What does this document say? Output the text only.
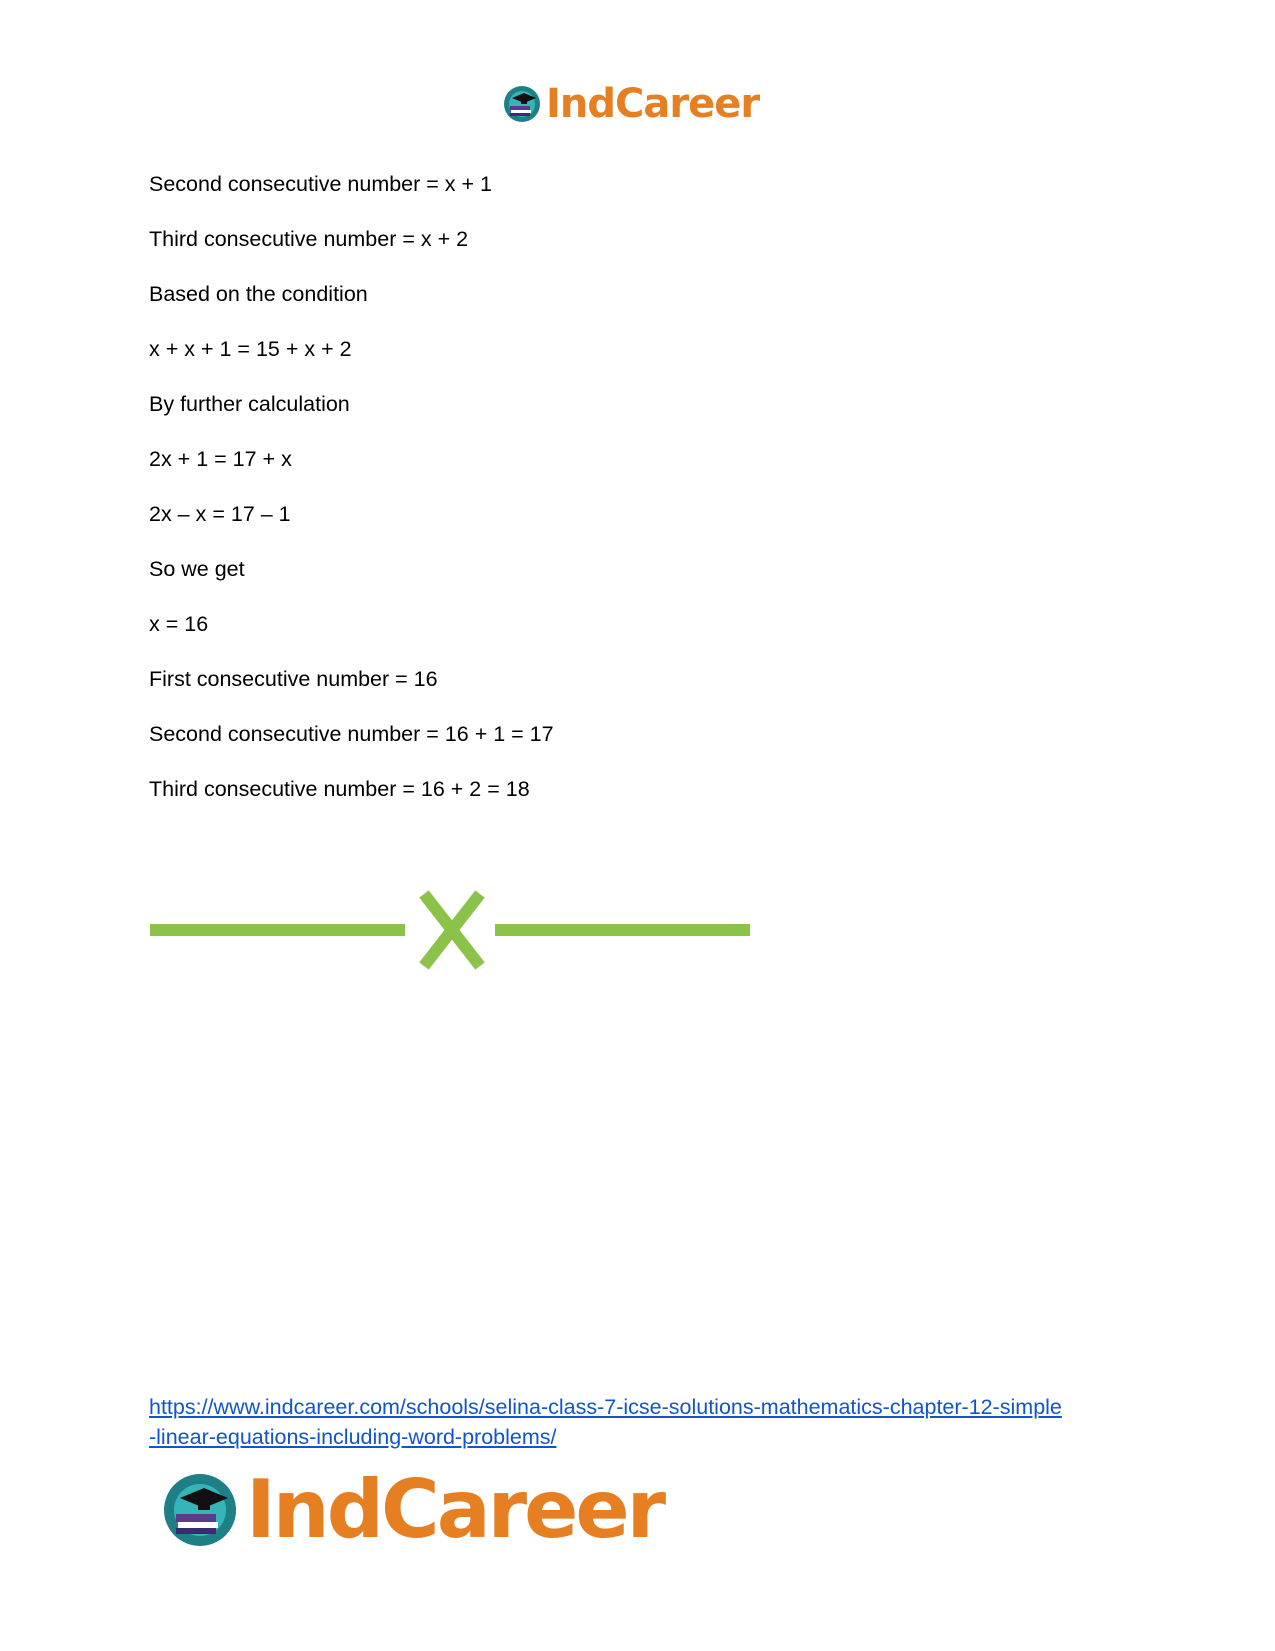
IndCareer
Second consecutive number = x + 1
Third consecutive number = x + 2
Based on the condition
x + x + 1 = 15 + x + 2
By further calculation
2x + 1 = 17 + x
2x – x = 17 – 1
So we get
x = 16
First consecutive number = 16
Second consecutive number = 16 + 1 = 17
Third consecutive number = 16 + 2 = 18
https://www.indcareer.com/schools/selina-class-7-icse-solutions-mathematics-chapter-12-simple
-linear-equations-including-word-problems/
IndCareer
